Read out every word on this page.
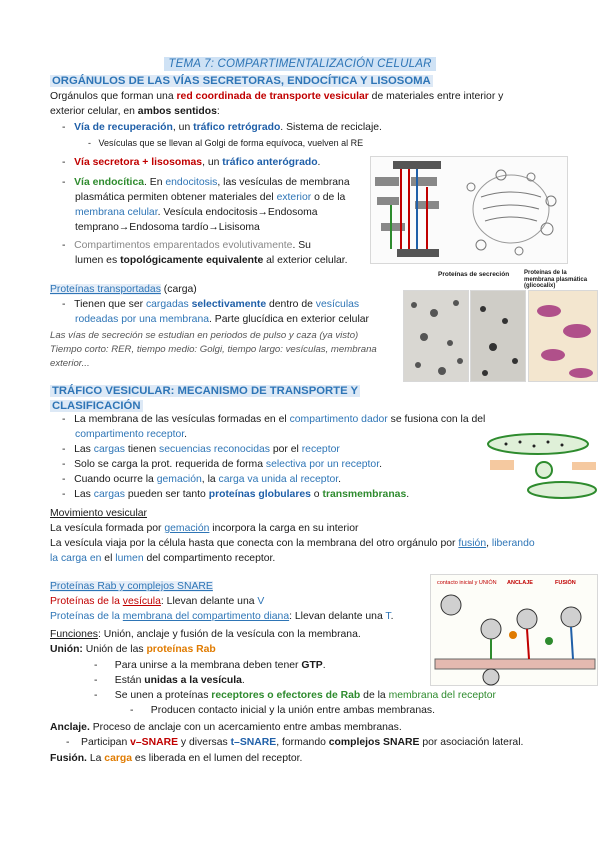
TEMA 7: COMPARTIMENTALIZACIÓN CELULAR
ORGÁNULOS DE LAS VÍAS SECRETORAS, ENDOCÍTICA Y LISOSOMA
Orgánulos que forman una red coordinada de transporte vesicular de materiales entre interior y
exterior celular, en ambos sentidos:
-   Vía de recuperación, un tráfico retrógrado. Sistema de reciclaje.
-   Vesículas que se llevan al Golgi de forma equívoca, vuelven al RE
-   Vía secretora + lisosomas, un tráfico anterógrado.
-   Vía endocítica. En endocitosis, las vesículas de membrana
plasmática permiten obtener materiales del exterior o de la
membrana celular. Vesícula endocitosis→Endosoma
temprano→Endosoma tardío→Lisisoma
-   Compartimentos emparentados evolutivamente. Su
lumen es topológicamente equivalente al exterior celular.
Proteínas transportadas (carga)
-   Tienen que ser cargadas selectivamente dentro de vesículas
rodeadas por una membrana. Parte glucídica en exterior celular
Las vías de secreción se estudian en periodos de pulso y caza (ya visto)
Tiempo corto: RER, tiempo medio: Golgi, tiempo largo: vesículas, membrana
exterior...
Proteínas de secreción Proteínas de la membrana plasmática (glicocalix)
TRÁFICO VESICULAR: MECANISMO DE TRANSPORTE Y
CLASIFICACIÓN
-   La membrana de las vesículas formadas en el compartimento dador se fusiona con la del
compartimento receptor.
-   Las cargas tienen secuencias reconocidas por el receptor
-   Solo se carga la prot. requerida de forma selectiva por un receptor.
-   Cuando ocurre la gemación, la carga va unida al receptor.
-   Las cargas pueden ser tanto proteínas globulares o transmembranas.
Movimiento vesicular
La vesícula formada por gemación incorpora la carga en su interior
La vesícula viaja por la célula hasta que conecta con la membrana del otro orgánulo por fusión, liberando
la carga en el lumen del compartimento receptor.
Proteínas Rab y complejos SNARE
Proteínas de la vesícula: Llevan delante una V
Proteínas de la membrana del compartimento diana: Llevan delante una T.
Funciones: Unión, anclaje y fusión de la vesícula con la membrana.
Unión: Unión de las proteínas Rab
-      Para unirse a la membrana deben tener GTP.
-      Están unidas a la vesícula.
-      Se unen a proteínas receptores o efectores de Rab de la membrana del receptor
-      Producen contacto inicial y la unión entre ambas membranas.
Anclaje. Proceso de anclaje con un acercamiento entre ambas membranas.
-    Participan v–SNARE y diversas t–SNARE, formando complejos SNARE por asociación lateral.
Fusión. La carga es liberada en el lumen del receptor.
contacto inicial y UNIÓN ANCLAJE	FUSIÓN
